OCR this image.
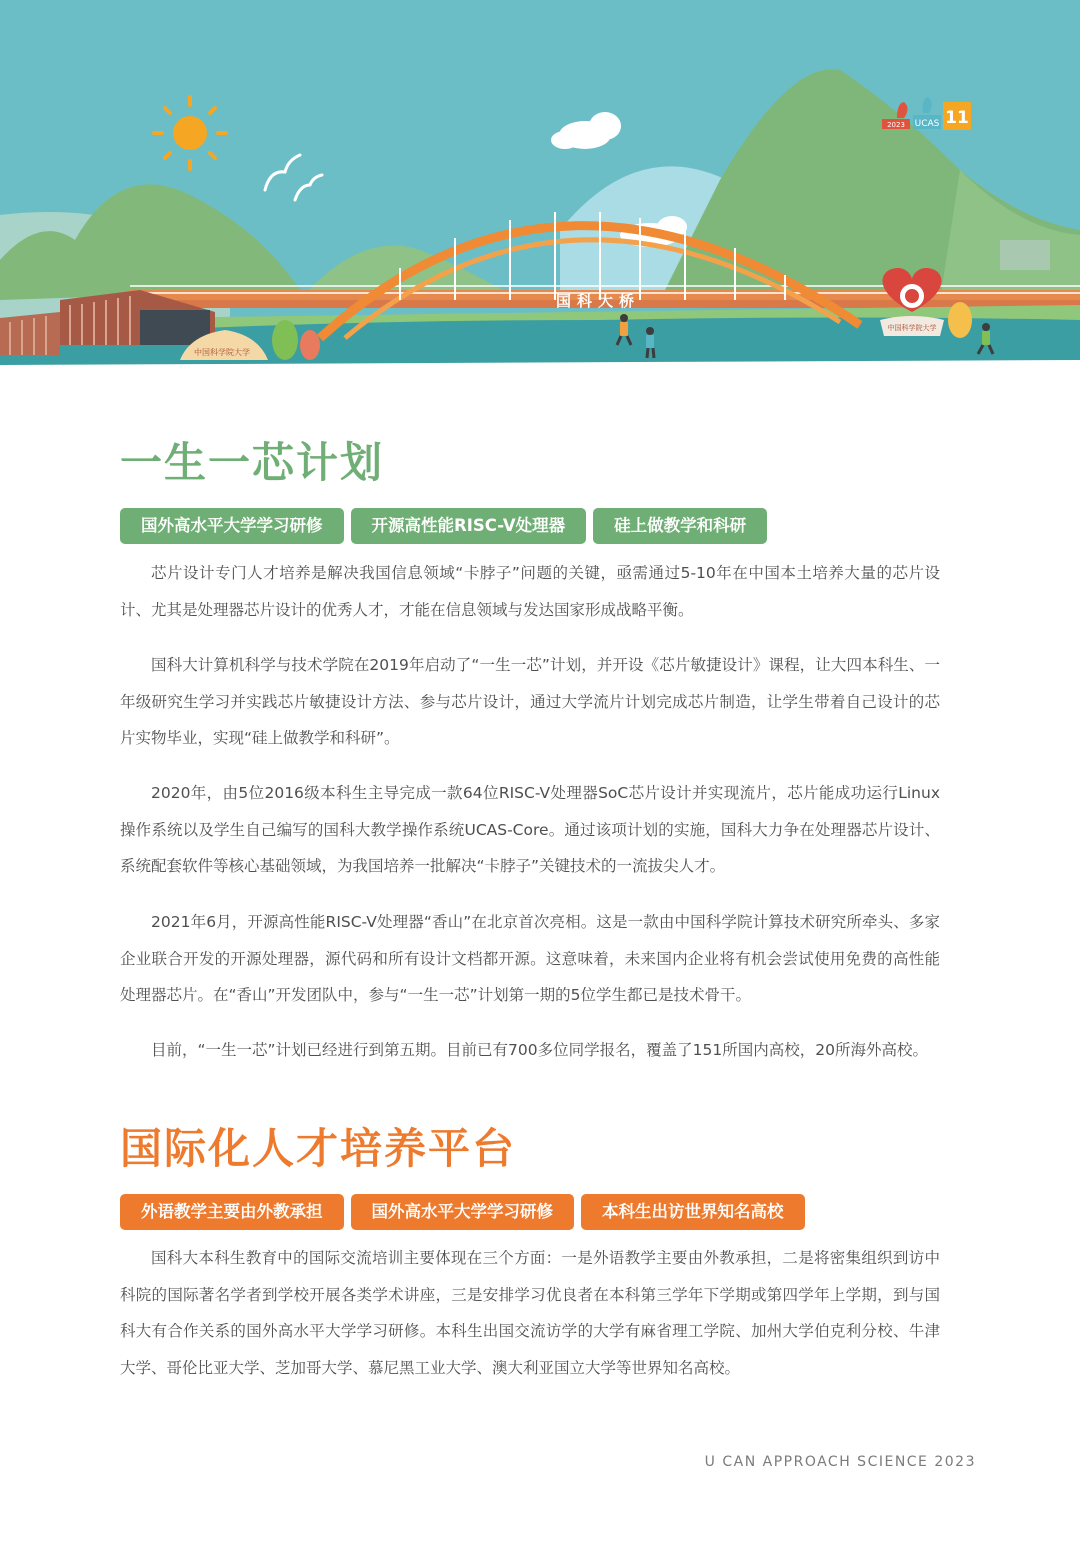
国科大桥
中国科学院大学
中国科学院大学
2023 UCAS 11
一生一芯计划
国外高水平大学学习研修	开源高性能RISC-V处理器	硅上做教学和科研

芯片设计专门人才培养是解决我国信息领域“卡脖子”问题的关键，亟需通过5-10年在中国本土培养大量的芯片设计、尤其是处理器芯片设计的优秀人才，才能在信息领域与发达国家形成战略平衡。

国科大计算机科学与技术学院在2019年启动了“一生一芯”计划，并开设《芯片敏捷设计》课程，让大四本科生、一年级研究生学习并实践芯片敏捷设计方法、参与芯片设计，通过大学流片计划完成芯片制造，让学生带着自己设计的芯片实物毕业，实现“硅上做教学和科研”。

2020年，由5位2016级本科生主导完成一款64位RISC-V处理器SoC芯片设计并实现流片，芯片能成功运行Linux操作系统以及学生自己编写的国科大教学操作系统UCAS-Core。通过该项计划的实施，国科大力争在处理器芯片设计、系统配套软件等核心基础领域，为我国培养一批解决“卡脖子”关键技术的一流拔尖人才。

2021年6月，开源高性能RISC-V处理器“香山”在北京首次亮相。这是一款由中国科学院计算技术研究所牵头、多家企业联合开发的开源处理器，源代码和所有设计文档都开源。这意味着，未来国内企业将有机会尝试使用免费的高性能处理器芯片。在“香山”开发团队中，参与“一生一芯”计划第一期的5位学生都已是技术骨干。

目前，“一生一芯”计划已经进行到第五期。目前已有700多位同学报名，覆盖了151所国内高校，20所海外高校。

国际化人才培养平台
外语教学主要由外教承担	国外高水平大学学习研修	本科生出访世界知名高校

国科大本科生教育中的国际交流培训主要体现在三个方面：一是外语教学主要由外教承担，二是将密集组织到访中科院的国际著名学者到学校开展各类学术讲座，三是安排学习优良者在本科第三学年下学期或第四学年上学期，到与国科大有合作关系的国外高水平大学学习研修。本科生出国交流访学的大学有麻省理工学院、加州大学伯克利分校、牛津大学、哥伦比亚大学、芝加哥大学、慕尼黑工业大学、澳大利亚国立大学等世界知名高校。

U CAN APPROACH SCIENCE 2023
